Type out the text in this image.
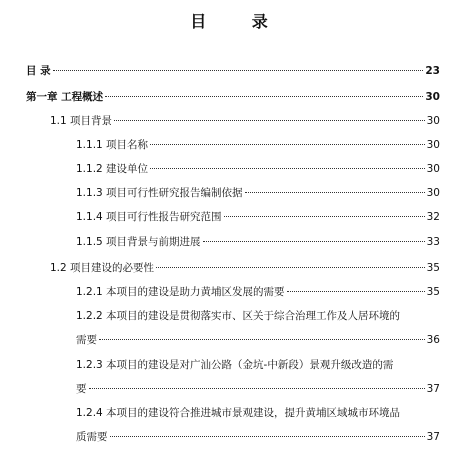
目 录
目 录	23
第一章 工程概述	30
1.1 项目背景	30
1.1.1 项目名称	30
1.1.2 建设单位	30
1.1.3 项目可行性研究报告编制依据	30
1.1.4 项目可行性报告研究范围	32
1.1.5 项目背景与前期进展	33
1.2 项目建设的必要性	35
1.2.1 本项目的建设是助力黄埔区发展的需要	35
1.2.2 本项目的建设是贯彻落实市、区关于综合治理工作及人居环境的
需要	36
1.2.3 本项目的建设是对广汕公路（金坑-中新段）景观升级改造的需
要	37
1.2.4 本项目的建设符合推进城市景观建设，提升黄埔区域城市环境品
质需要	37
